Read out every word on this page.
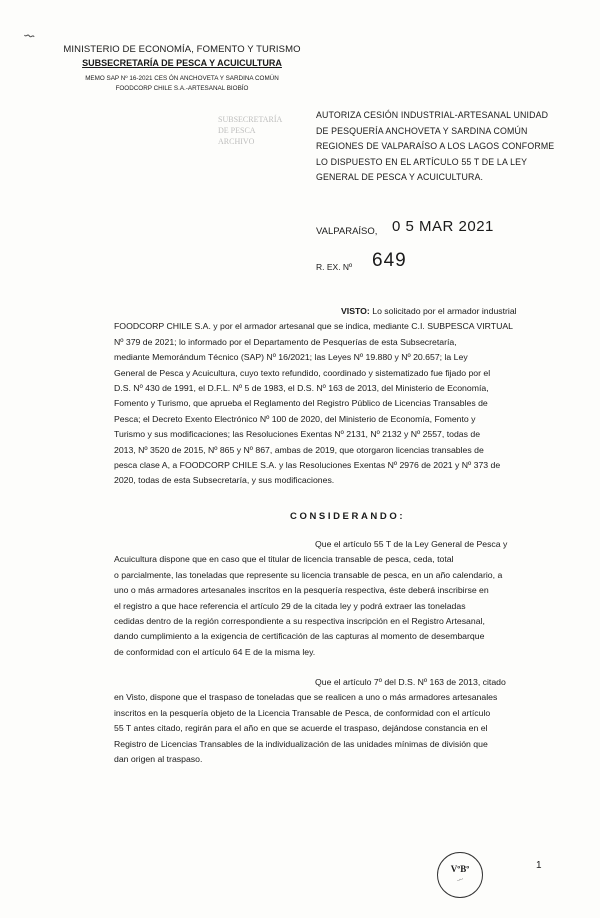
⌇
MINISTERIO DE ECONOMÍA, FOMENTO Y TURISMO
SUBSECRETARÍA DE PESCA Y ACUICULTURA
MEMO SAP Nº 16-2021 CES ÓN ANCHOVETA Y SARDINA COMÚN
FOODCORP CHILE S.A.-ARTESANAL BIOBÍO
SUBSECRETARÍA
DE PESCA
ARCHIVO
AUTORIZA CESIÓN INDUSTRIAL-ARTESANAL UNIDAD
DE PESQUERÍA ANCHOVETA Y SARDINA COMÚN
REGIONES DE VALPARAÍSO A LOS LAGOS CONFORME
LO DISPUESTO EN EL ARTÍCULO 55 T DE LA LEY
GENERAL DE PESCA Y ACUICULTURA.
VALPARAÍSO, 0 5 MAR 2021
R. EX. Nº 649
VISTO: Lo solicitado por el armador industrial
FOODCORP CHILE S.A. y por el armador artesanal que se indica, mediante C.I. SUBPESCA VIRTUAL
Nº 379 de 2021; lo informado por el Departamento de Pesquerías de esta Subsecretaría,
mediante Memorándum Técnico (SAP) Nº 16/2021; las Leyes Nº 19.880 y Nº 20.657; la Ley
General de Pesca y Acuicultura, cuyo texto refundido, coordinado y sistematizado fue fijado por el
D.S. Nº 430 de 1991, el D.F.L. Nº 5 de 1983, el D.S. Nº 163 de 2013, del Ministerio de Economía,
Fomento y Turismo, que aprueba el Reglamento del Registro Público de Licencias Transables de
Pesca; el Decreto Exento Electrónico Nº 100 de 2020, del Ministerio de Economía, Fomento y
Turismo y sus modificaciones; las Resoluciones Exentas Nº 2131, Nº 2132 y Nº 2557, todas de
2013, Nº 3520 de 2015, Nº 865 y Nº 867, ambas de 2019, que otorgaron licencias transables de
pesca clase A, a FOODCORP CHILE S.A. y las Resoluciones Exentas Nº 2976 de 2021 y Nº 373 de
2020, todas de esta Subsecretaría, y sus modificaciones.
CONSIDERANDO:
Que el artículo 55 T de la Ley General de Pesca y
Acuicultura dispone que en caso que el titular de licencia transable de pesca, ceda, total
o parcialmente, las toneladas que represente su licencia transable de pesca, en un año calendario, a
uno o más armadores artesanales inscritos en la pesquería respectiva, éste deberá inscribirse en
el registro a que hace referencia el artículo 29 de la citada ley y podrá extraer las toneladas
cedidas dentro de la región correspondiente a su respectiva inscripción en el Registro Artesanal,
dando cumplimiento a la exigencia de certificación de las capturas al momento de desembarque
de conformidad con el artículo 64 E de la misma ley.
Que el artículo 7º del D.S. Nº 163 de 2013, citado
en Visto, dispone que el traspaso de toneladas que se realicen a uno o más armadores artesanales
inscritos en la pesquería objeto de la Licencia Transable de Pesca, de conformidad con el artículo
55 T antes citado, regirán para el año en que se acuerde el traspaso, dejándose constancia en el
Registro de Licencias Transables de la individualización de las unidades mínimas de división que
dan origen al traspaso.
VºBº
〰
1
